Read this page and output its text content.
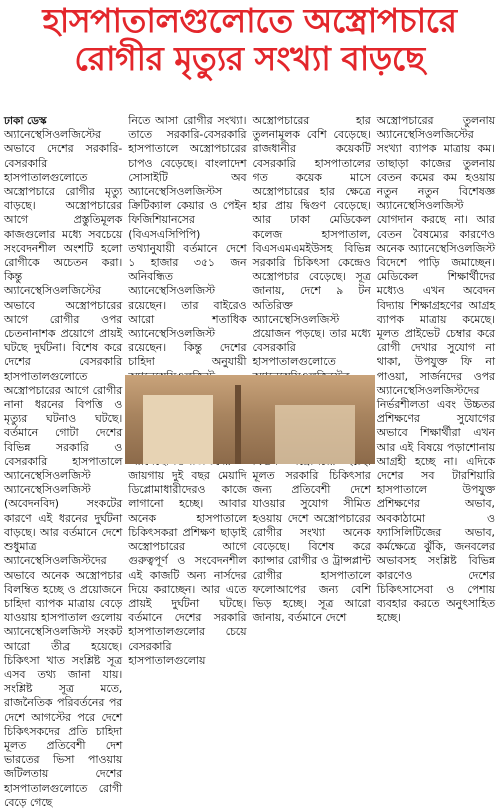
হাসপাতালগুলোতে অস্ত্রোপচারে
রোগীর মৃত্যুর সংখ্যা বাড়ছে
ঢাকা ডেস্ক
অ্যানেস্থেসিওলজিস্টের অভাবে দেশের সরকারি-বেসরকারি হাসপাতালগুলোতে অস্ত্রোপচারে রোগীর মৃত্যু বাড়ছে। অস্ত্রোপচারের আগে প্রস্তুতিমূলক কাজগুলোর মধ্যে সবচেয়ে সংবেদনশীল অংশটি হলো রোগীকে অচেতন করা। কিন্তু অ্যানেস্থেসিওলজিস্টের অভাবে অস্ত্রোপচারের আগে রোগীর ওপর চেতনানাশক প্রয়োগে প্রায়ই ঘটছে দুর্ঘটনা। বিশেষ করে দেশের বেসরকারি হাসপাতালগুলোতে অস্ত্রোপচারের আগে রোগীর নানা ধরনের বিপত্তি ও মৃত্যুর ঘটনাও ঘটছে। বর্তমানে গোটা দেশের বিভিন্ন সরকারি ও বেসরকারি হাসপাতালে অ্যানেস্থেসিওলজিস্ট অ্যানেস্থেসিওলজিস্ট (অবেদনবিদ) সংকটের কারণে এই ধরনের দুর্ঘটনা বাড়ছে। আর বর্তমানে দেশে শুধুমাত্র অ্যানেস্থেসিওলজিস্টদের অভাবে অনেক অস্ত্রোপচার বিলম্বিত হচ্ছে ও প্রয়োজনে চাহিদা ব্যাপক মাত্রায় বেড়ে যাওয়ায় হাসপাতাল গুলোয় অ্যানেস্থেসিওলজিস্ট সংকট আরো তীব্র হয়েছে। চিকিৎসা খাত সংশ্লিষ্ট সূত্র এসব তথ্য জানা যায়। সংশ্লিষ্ট সূত্র মতে, রাজনৈতিক পরিবর্তনের পর দেশে আগস্টের পরে দেশে চিকিৎসকদের প্রতি চাহিদা মূলত প্রতিবেশী দেশ ভারতের ভিসা পাওয়ায় জটিলতায় দেশের হাসপাতালগুলোতে রোগী বেড়ে গেছে
নিতে আসা রোগীর সংখ্যা। তাতে সরকারি-বেসরকারি হাসপাতালে অস্ত্রোপচারের চাপও বেড়েছে। বাংলাদেশ সোসাইটি অব অ্যানেস্থেসিওলজিস্টস ক্রিটিক্যাল কেয়ার ও পেইন ফিজিশিয়ানসের (বিএসএসিপিপি) তথ্যানুযায়ী বর্তমানে দেশে ১ হাজার ৩৫১ জন অনিবন্ধিত অ্যানেস্থেসিওলজিস্ট রয়েছেন। তার বাইরেও আরো শতাধিক অ্যানেস্থেসিওলজিস্ট রয়েছেন। কিন্তু দেশের চাহিদা অনুযায়ী জায়গায় দুই বছর মেয়াদি ডিপ্লোমাধারীদেরও কাজে লাগানো হচ্ছে। আবার অনেক হাসপাতালে চিকিৎসকরা প্রশিক্ষণ ছাড়াই অস্ত্রোপচারের আগে গুরুত্বপূর্ণ ও সংবেদনশীল এই কাজটি অন্য নার্সদের দিয়ে করাচ্ছেন। আর এতে প্রায়ই দুর্ঘটনা ঘটছে। বর্তমানে দেশের সরকারি হাসপাতালগুলোর চেয়ে বেসরকারি হাসপাতালগুলোয়
অস্ত্রোপচারের হার তুলনামূলক বেশি বেড়েছে। রাজধানীর কয়েকটি বেসরকারি হাসপাতালের গত কয়েক মাসে অস্ত্রোপচারের হার ক্ষেত্রে হার প্রায় দ্বিগুণ বেড়েছে। আর ঢাকা মেডিকেল কলেজ হাসপাতাল, বিএসএমএমইউসহ বিভিন্ন সরকারি চিকিৎসা কেন্দ্রেও অস্ত্রোপচার বেড়েছে। সূত্র জানায়, দেশে ৯ টন অতিরিক্ত অ্যানেস্থেসিওলজিস্ট প্রয়োজন পড়ছে। তার মধ্যে বেসরকারি হাসপাতালগুলোতে মূলত সরকারি চিকিৎসার জন্য প্রতিবেশী দেশে যাওয়ার সুযোগ সীমিত হওয়ায় দেশে অস্ত্রোপচারের রোগীর সংখ্যা অনেক বেড়েছে। বিশেষ করে ক্যান্সার রোগীর ও ট্রান্সপ্লান্ট রোগীর হাসপাতালে ফলোআপের জন্য বেশি ভিড় হচ্ছে। সূত্র আরো জানায়, বর্তমানে দেশে
অস্ত্রোপচারের তুলনায় অ্যানেস্থেসিওলজিস্টের সংখ্যা ব্যাপক মাত্রায় কম। তাছাড়া কাজের তুলনায় বেতন কমের কম হওয়ায় নতুন নতুন বিশেষজ্ঞ অ্যানেস্থেসিওলজিস্ট যোগদান করছে না। আর বেতন বৈষম্যের কারণেও অনেক অ্যানেস্থেসিওলজিস্ট বিদেশে পাড়ি জমাচ্ছেন। মেডিকেল শিক্ষার্থীদের মধ্যেও এখন অবেদন বিদ্যায় শিক্ষাগ্রহণের আগ্রহ ব্যাপক মাত্রায় কমেছে। মূলত প্রাইভেট চেম্বার করে রোগী দেখার সুযোগ না থাকা, উপযুক্ত ফি না পাওয়া, সার্জনদের ওপর অ্যানেস্থেসিওলজিস্টদের নির্ভরশীলতা এবং উচ্চতর প্রশিক্ষণের সুযোগের অভাবে শিক্ষার্থীরা এখন আর এই বিষয়ে পড়াশোনায় আগ্রহী হচ্ছে না। এদিকে দেশের সব টারশিয়ারি হাসপাতালে উপযুক্ত প্রশিক্ষণের অভাব, অবকাঠামো ও ফ্যাসিলিটিজের অভাব, কর্মক্ষেত্রে ঝুঁকি, জনবলের অভাবসহ সংশ্লিষ্ট বিভিন্ন কারণেও দেশের চিকিৎসাসেবা ও পেশায় ব্যবহার করতে অনুৎসাহিত হচ্ছে।
